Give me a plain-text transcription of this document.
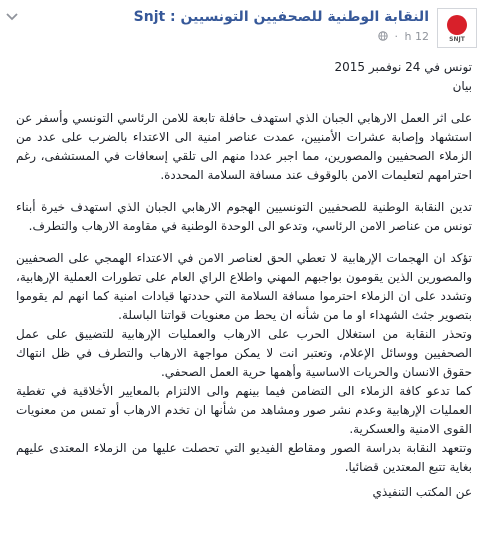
SNJT
النقابة الوطنية للصحفيين التونسيين : Snjt
12 h ·

تونس في 24 نوفمبر 2015

بيان

على اثر العمل الارهابي الجبان الذي استهدف حافلة تابعة للامن الرئاسي التونسي وأسفر عن استشهاد وإصابة عشرات الأمنيين، عمدت عناصر امنية الى الاعتداء بالضرب على عدد من الزملاء الصحفيين والمصورين، مما اجبر عددا منهم الى تلقي إسعافات في المستشفى، رغم احترامهم لتعليمات الامن بالوقوف عند مسافة السلامة المحددة.

تدين النقابة الوطنية للصحفيين التونسيين الهجوم الارهابي الجبان الذي استهدف خيرة أبناء تونس من عناصر الامن الرئاسي، وتدعو الى الوحدة الوطنية في مقاومة الارهاب والتطرف.

تؤكد ان الهجمات الإرهابية لا تعطي الحق لعناصر الامن في الاعتداء الهمجي على الصحفيين والمصورين الذين يقومون بواجبهم المهني واطلاع الراي العام على تطورات العملية الإرهابية، وتشدد على ان الزملاء احترموا مسافة السلامة التي حددتها قيادات امنية كما انهم لم يقوموا بتصوير جثث الشهداء او ما من شأنه ان يحط من معنويات قواتنا الباسلة.

وتحذر النقابة من استغلال الحرب على الارهاب والعمليات الإرهابية للتضييق على عمل الصحفيين ووسائل الإعلام، وتعتبر انت لا يمكن مواجهة الارهاب والتطرف في ظل انتهاك حقوق الانسان والحريات الاساسية وأهمها حرية العمل الصحفي.

كما تدعو كافة الزملاء الى التضامن فيما بينهم والى الالتزام بالمعايير الأخلاقية في تغطية العمليات الإرهابية وعدم نشر صور ومشاهد من شأنها ان تخدم الارهاب أو تمس من معنويات القوى الامنية والعسكرية.

وتتعهد النقابة بدراسة الصور ومقاطع الفيديو التي تحصلت عليها من الزملاء المعتدى عليهم بغاية تتبع المعتدين قضائيا.

عن المكتب التنفيذي
